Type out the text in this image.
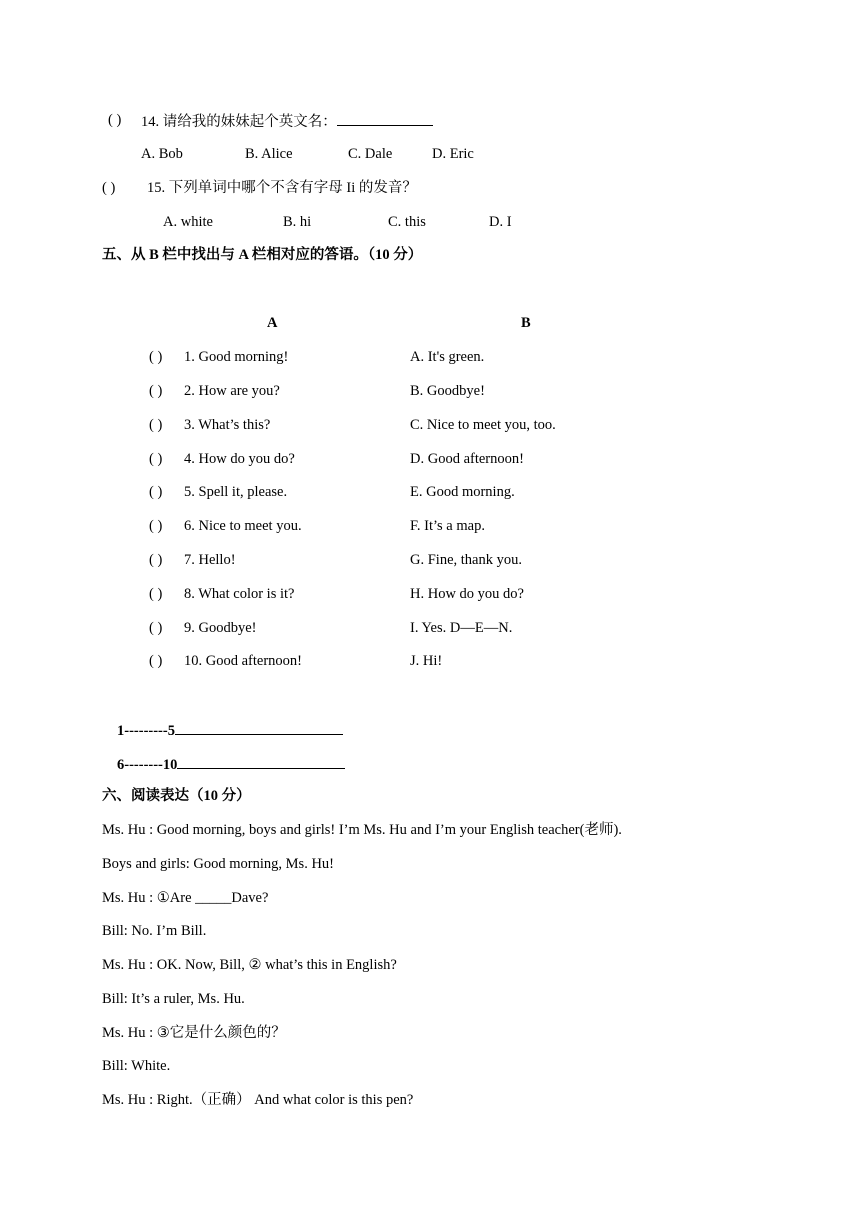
( ) 14. 请给我的妹妹起个英文名：
A. Bob	B. Alice	C. Dale	D. Eric
( ) 15. 下列单词中哪个不含有字母 Ii 的发音？
A. white	B. hi	C. this	D. I
五、从 B 栏中找出与 A 栏相对应的答语。（10 分）
A	B
( ) 1. Good morning!	A. It's green.
( ) 2. How are you?	B. Goodbye!
( ) 3. What’s this?	C. Nice to meet you, too.
( ) 4. How do you do?	D. Good afternoon!
( ) 5. Spell it, please.	E. Good morning.
( ) 6. Nice to meet you.	F. It’s a map.
( ) 7. Hello!	G. Fine, thank you.
( ) 8. What color is it?	H. How do you do?
( ) 9. Goodbye!	I. Yes. D—E—N.
( ) 10. Good afternoon!	J. Hi!
1---------5
6--------10
六、阅读表达（10 分）
Ms. Hu : Good morning, boys and girls! I’m Ms. Hu and I’m your English teacher(老师).
Boys and girls: Good morning, Ms. Hu!
Ms. Hu : ①Are _____Dave?
Bill: No. I’m Bill.
Ms. Hu : OK. Now, Bill, ② what’s this in English?
Bill: It’s a ruler, Ms. Hu.
Ms. Hu : ③它是什么颜色的？
Bill: White.
Ms. Hu : Right.（正确） And what color is this pen?
